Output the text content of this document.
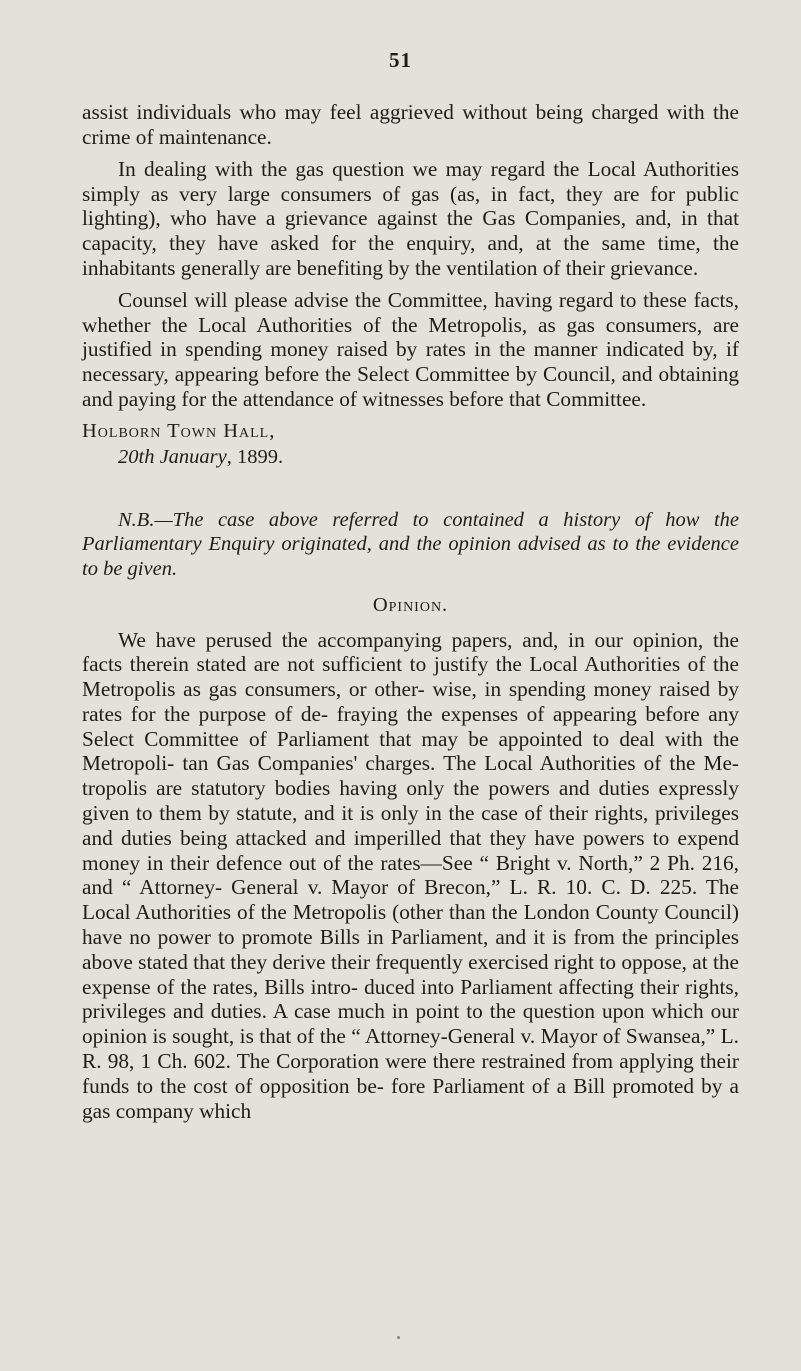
51

assist individuals who may feel aggrieved without being charged with the crime of maintenance.

In dealing with the gas question we may regard the Local Authorities simply as very large consumers of gas (as, in fact, they are for public lighting), who have a grievance against the Gas Companies, and, in that capacity, they have asked for the enquiry, and, at the same time, the inhabitants generally are benefiting by the ventilation of their grievance.

Counsel will please advise the Committee, having regard to these facts, whether the Local Authorities of the Metropolis, as gas consumers, are justified in spending money raised by rates in the manner indicated by, if necessary, appearing before the Select Committee by Council, and obtaining and paying for the attendance of witnesses before that Committee.

Holborn Town Hall,
20th January, 1899.

N.B.—The case above referred to contained a history of how the Parliamentary Enquiry originated, and the opinion advised as to the evidence to be given.

Opinion.

We have perused the accompanying papers, and, in our opinion, the facts therein stated are not sufficient to justify the Local Authorities of the Metropolis as gas consumers, or other- wise, in spending money raised by rates for the purpose of de- fraying the expenses of appearing before any Select Committee of Parliament that may be appointed to deal with the Metropoli- tan Gas Companies' charges. The Local Authorities of the Me- tropolis are statutory bodies having only the powers and duties expressly given to them by statute, and it is only in the case of their rights, privileges and duties being attacked and imperilled that they have powers to expend money in their defence out of the rates—See “ Bright v. North,” 2 Ph. 216, and “ Attorney- General v. Mayor of Brecon,” L. R. 10. C. D. 225. The Local Authorities of the Metropolis (other than the London County Council) have no power to promote Bills in Parliament, and it is from the principles above stated that they derive their frequently exercised right to oppose, at the expense of the rates, Bills intro- duced into Parliament affecting their rights, privileges and duties. A case much in point to the question upon which our opinion is sought, is that of the “ Attorney-General v. Mayor of Swansea,” L. R. 98, 1 Ch. 602. The Corporation were there restrained from applying their funds to the cost of opposition be- fore Parliament of a Bill promoted by a gas company which
